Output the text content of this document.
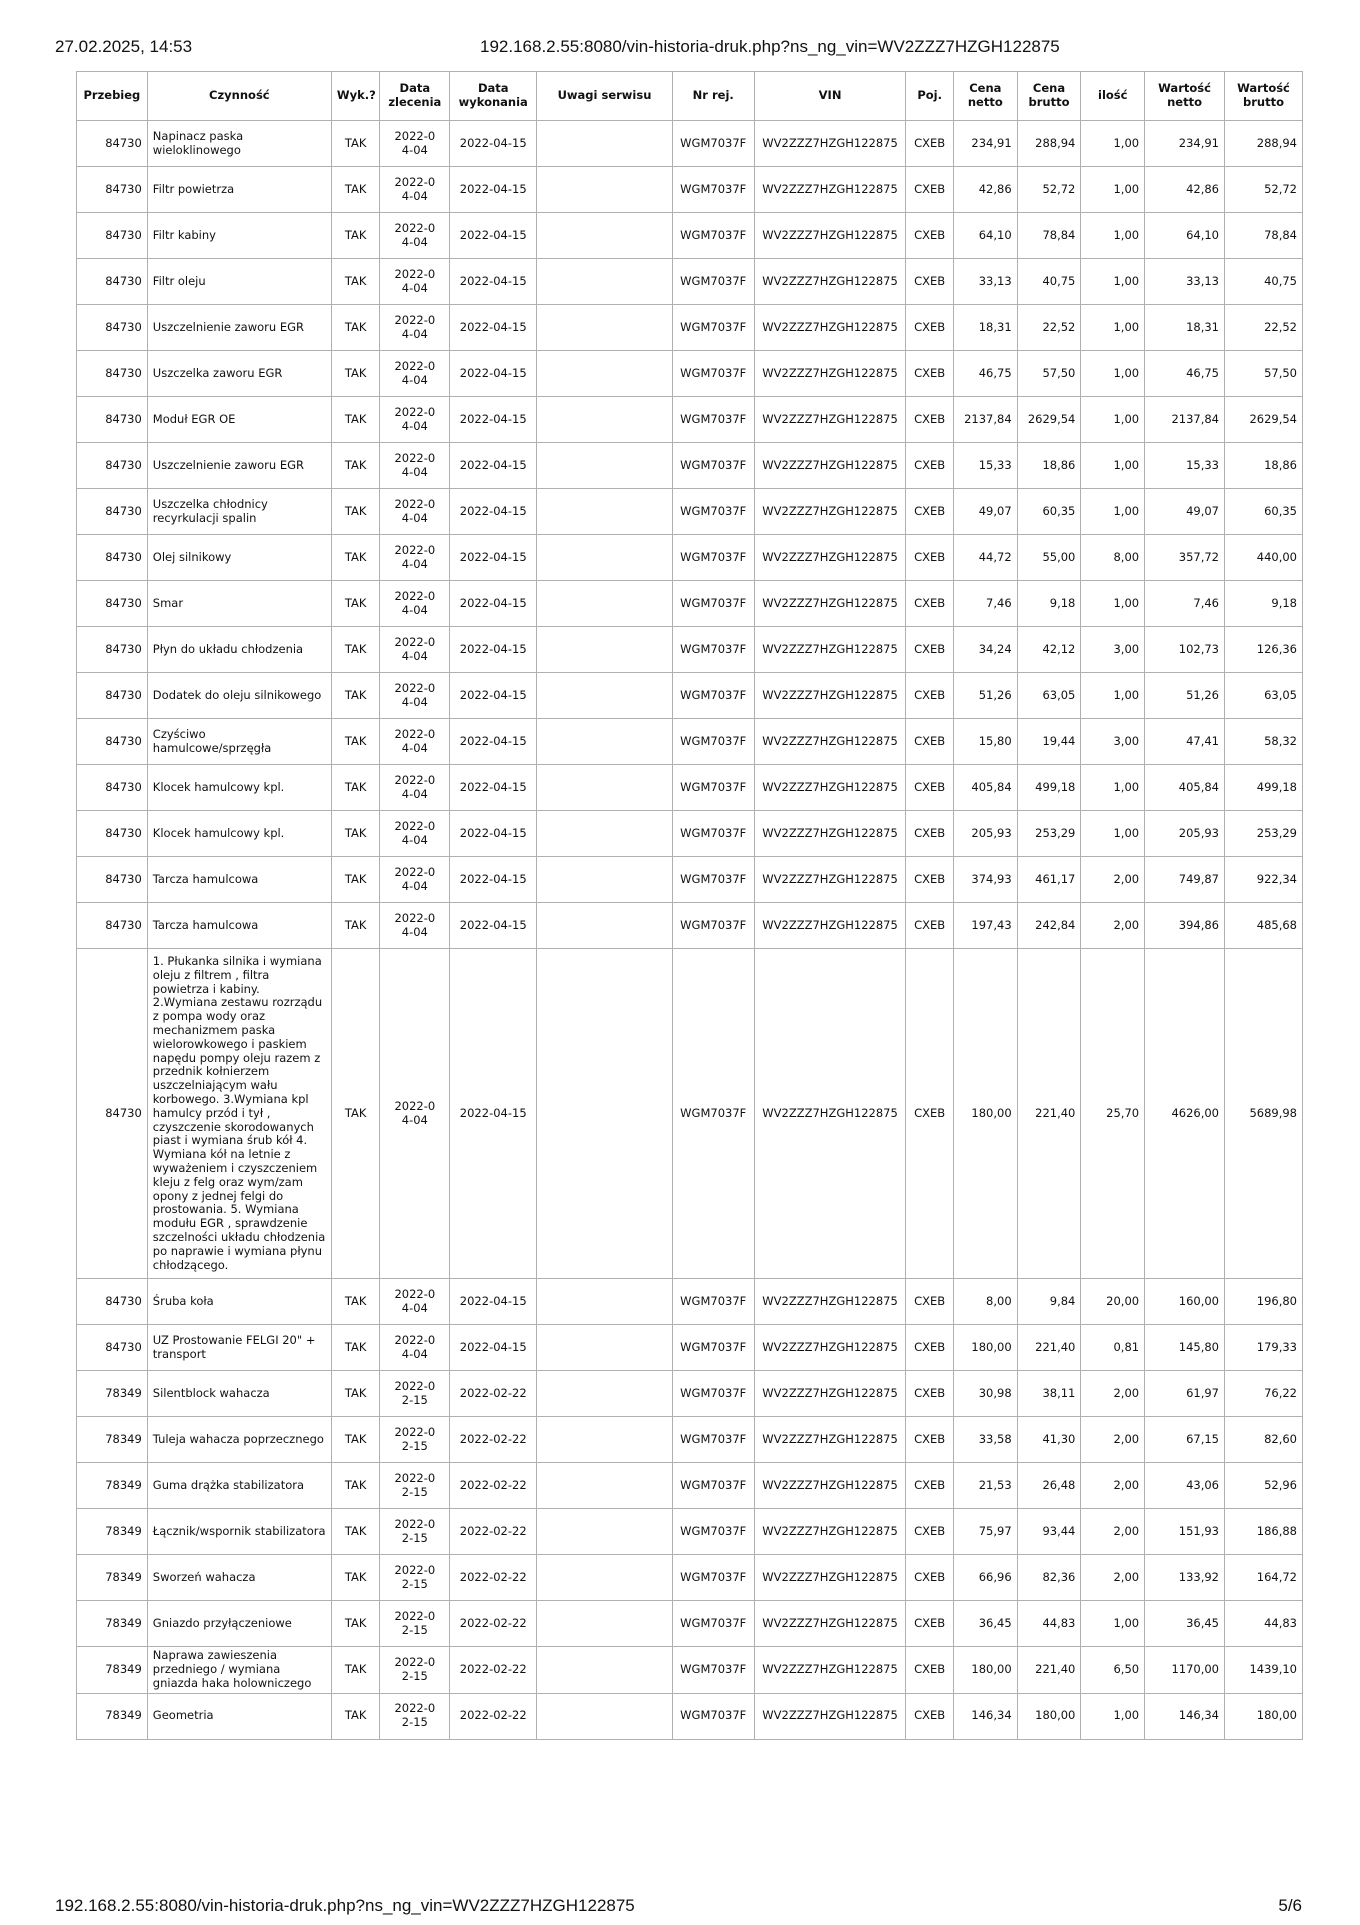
27.02.2025, 14:53	192.168.2.55:8080/vin-historia-druk.php?ns_ng_vin=WV2ZZZ7HZGH122875
Przebieg	Czynność	Wyk.?	Data zlecenia	Data wykonania	Uwagi serwisu	Nr rej.	VIN	Poj.	Cena netto	Cena brutto	ilość	Wartość netto	Wartość brutto
84730	Napinacz paska wieloklinowego	TAK	2022-04-04	2022-04-15		WGM7037F	WV2ZZZ7HZGH122875	CXEB	234,91	288,94	1,00	234,91	288,94
84730	Filtr powietrza	TAK	2022-04-04	2022-04-15		WGM7037F	WV2ZZZ7HZGH122875	CXEB	42,86	52,72	1,00	42,86	52,72
84730	Filtr kabiny	TAK	2022-04-04	2022-04-15		WGM7037F	WV2ZZZ7HZGH122875	CXEB	64,10	78,84	1,00	64,10	78,84
84730	Filtr oleju	TAK	2022-04-04	2022-04-15		WGM7037F	WV2ZZZ7HZGH122875	CXEB	33,13	40,75	1,00	33,13	40,75
84730	Uszczelnienie zaworu EGR	TAK	2022-04-04	2022-04-15		WGM7037F	WV2ZZZ7HZGH122875	CXEB	18,31	22,52	1,00	18,31	22,52
84730	Uszczelka zaworu EGR	TAK	2022-04-04	2022-04-15		WGM7037F	WV2ZZZ7HZGH122875	CXEB	46,75	57,50	1,00	46,75	57,50
84730	Moduł EGR OE	TAK	2022-04-04	2022-04-15		WGM7037F	WV2ZZZ7HZGH122875	CXEB	2137,84	2629,54	1,00	2137,84	2629,54
84730	Uszczelnienie zaworu EGR	TAK	2022-04-04	2022-04-15		WGM7037F	WV2ZZZ7HZGH122875	CXEB	15,33	18,86	1,00	15,33	18,86
84730	Uszczelka chłodnicy recyrkulacji spalin	TAK	2022-04-04	2022-04-15		WGM7037F	WV2ZZZ7HZGH122875	CXEB	49,07	60,35	1,00	49,07	60,35
84730	Olej silnikowy	TAK	2022-04-04	2022-04-15		WGM7037F	WV2ZZZ7HZGH122875	CXEB	44,72	55,00	8,00	357,72	440,00
84730	Smar	TAK	2022-04-04	2022-04-15		WGM7037F	WV2ZZZ7HZGH122875	CXEB	7,46	9,18	1,00	7,46	9,18
84730	Płyn do układu chłodzenia	TAK	2022-04-04	2022-04-15		WGM7037F	WV2ZZZ7HZGH122875	CXEB	34,24	42,12	3,00	102,73	126,36
84730	Dodatek do oleju silnikowego	TAK	2022-04-04	2022-04-15		WGM7037F	WV2ZZZ7HZGH122875	CXEB	51,26	63,05	1,00	51,26	63,05
84730	Czyściwo hamulcowe/sprzęgła	TAK	2022-04-04	2022-04-15		WGM7037F	WV2ZZZ7HZGH122875	CXEB	15,80	19,44	3,00	47,41	58,32
84730	Klocek hamulcowy kpl.	TAK	2022-04-04	2022-04-15		WGM7037F	WV2ZZZ7HZGH122875	CXEB	405,84	499,18	1,00	405,84	499,18
84730	Klocek hamulcowy kpl.	TAK	2022-04-04	2022-04-15		WGM7037F	WV2ZZZ7HZGH122875	CXEB	205,93	253,29	1,00	205,93	253,29
84730	Tarcza hamulcowa	TAK	2022-04-04	2022-04-15		WGM7037F	WV2ZZZ7HZGH122875	CXEB	374,93	461,17	2,00	749,87	922,34
84730	Tarcza hamulcowa	TAK	2022-04-04	2022-04-15		WGM7037F	WV2ZZZ7HZGH122875	CXEB	197,43	242,84	2,00	394,86	485,68
84730	1. Płukanka silnika i wymiana oleju z filtrem , filtra powietrza i kabiny. 2.Wymiana zestawu rozrządu z pompa wody oraz mechanizmem paska wielorowkowego i paskiem napędu pompy oleju razem z przednik kołnierzem uszczelniającym wału korbowego. 3.Wymiana kpl hamulcy przód i tył , czyszczenie skorodowanych piast i wymiana śrub kół 4. Wymiana kół na letnie z wyważeniem i czyszczeniem kleju z felg oraz wym/zam opony z jednej felgi do prostowania. 5. Wymiana modułu EGR , sprawdzenie szczelności układu chłodzenia po naprawie i wymiana płynu chłodzącego.	TAK	2022-04-04	2022-04-15		WGM7037F	WV2ZZZ7HZGH122875	CXEB	180,00	221,40	25,70	4626,00	5689,98
84730	Śruba koła	TAK	2022-04-04	2022-04-15		WGM7037F	WV2ZZZ7HZGH122875	CXEB	8,00	9,84	20,00	160,00	196,80
84730	UZ Prostowanie FELGI 20" + transport	TAK	2022-04-04	2022-04-15		WGM7037F	WV2ZZZ7HZGH122875	CXEB	180,00	221,40	0,81	145,80	179,33
78349	Silentblock wahacza	TAK	2022-02-15	2022-02-22		WGM7037F	WV2ZZZ7HZGH122875	CXEB	30,98	38,11	2,00	61,97	76,22
78349	Tuleja wahacza poprzecznego	TAK	2022-02-15	2022-02-22		WGM7037F	WV2ZZZ7HZGH122875	CXEB	33,58	41,30	2,00	67,15	82,60
78349	Guma drążka stabilizatora	TAK	2022-02-15	2022-02-22		WGM7037F	WV2ZZZ7HZGH122875	CXEB	21,53	26,48	2,00	43,06	52,96
78349	Łącznik/wspornik stabilizatora	TAK	2022-02-15	2022-02-22		WGM7037F	WV2ZZZ7HZGH122875	CXEB	75,97	93,44	2,00	151,93	186,88
78349	Sworzeń wahacza	TAK	2022-02-15	2022-02-22		WGM7037F	WV2ZZZ7HZGH122875	CXEB	66,96	82,36	2,00	133,92	164,72
78349	Gniazdo przyłączeniowe	TAK	2022-02-15	2022-02-22		WGM7037F	WV2ZZZ7HZGH122875	CXEB	36,45	44,83	1,00	36,45	44,83
78349	Naprawa zawieszenia przedniego / wymiana gniazda haka holowniczego	TAK	2022-02-15	2022-02-22		WGM7037F	WV2ZZZ7HZGH122875	CXEB	180,00	221,40	6,50	1170,00	1439,10
78349	Geometria	TAK	2022-02-15	2022-02-22		WGM7037F	WV2ZZZ7HZGH122875	CXEB	146,34	180,00	1,00	146,34	180,00
192.168.2.55:8080/vin-historia-druk.php?ns_ng_vin=WV2ZZZ7HZGH122875	5/6
